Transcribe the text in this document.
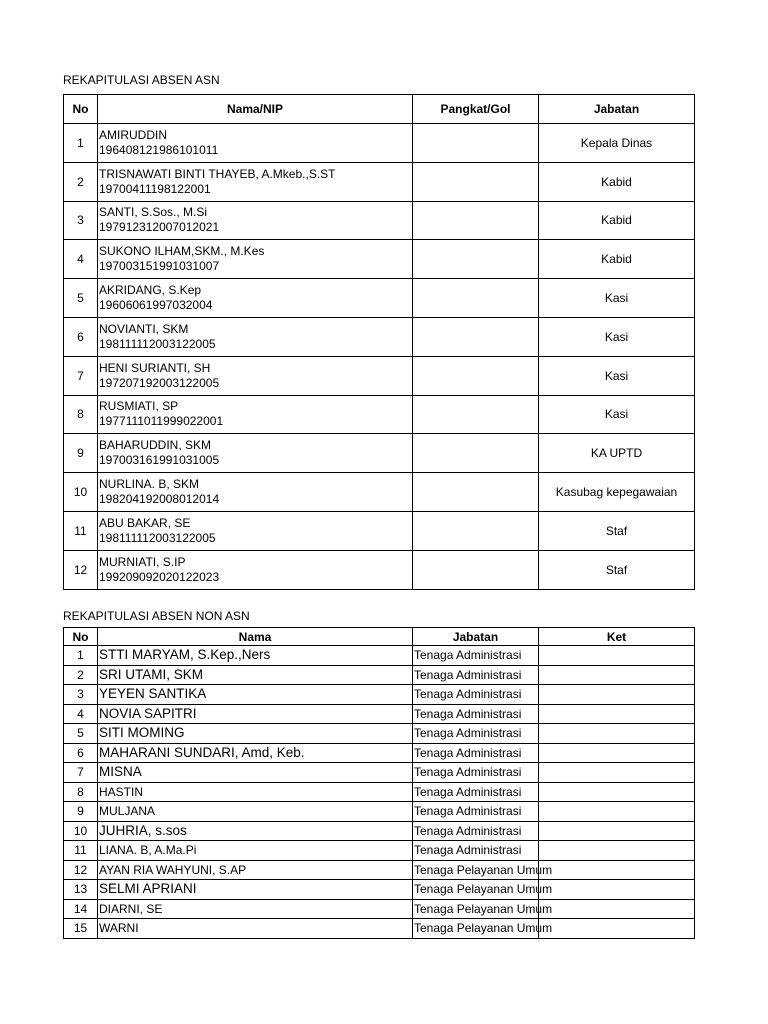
REKAPITULASI ABSEN ASN
No	Nama/NIP	Pangkat/Gol	Jabatan
1	AMIRUDDIN
196408121986101011		Kepala Dinas
2	TRISNAWATI BINTI THAYEB, A.Mkeb.,S.ST
19700411198122001		Kabid
3	SANTI, S.Sos., M.Si
197912312007012021		Kabid
4	SUKONO ILHAM,SKM., M.Kes
197003151991031007		Kabid
5	AKRIDANG, S.Kep
19606061997032004		Kasi
6	NOVIANTI, SKM
198111112003122005		Kasi
7	HENI SURIANTI, SH
197207192003122005		Kasi
8	RUSMIATI, SP
197711101199902200​1		Kasi
9	BAHARUDDIN, SKM
197003161991031005		KA UPTD
10	NURLINA. B, SKM
198204192008012014		Kasubag kepegawaian
11	ABU BAKAR, SE
198111112003122005		Staf
12	MURNIATI, S.IP
199209092020122023		Staf
REKAPITULASI ABSEN NON ASN
No	Nama	Jabatan	Ket
1	STTI MARYAM, S.Kep.,Ners	Tenaga Administrasi	
2	SRI UTAMI, SKM	Tenaga Administrasi	
3	YEYEN SANTIKA	Tenaga Administrasi	
4	NOVIA SAPITRI	Tenaga Administrasi	
5	SITI MOMING	Tenaga Administrasi	
6	MAHARANI SUNDARI, Amd, Keb.	Tenaga Administrasi	
7	MISNA	Tenaga Administrasi	
8	HASTIN	Tenaga Administrasi	
9	MULJANA	Tenaga Administrasi	
10	JUHRIA, s.sos	Tenaga Administrasi	
11	LIANA. B, A.Ma.Pi	Tenaga Administrasi	
12	AYAN RIA WAHYUNI, S.AP	Tenaga Pelayanan Umum	
13	SELMI APRIANI	Tenaga Pelayanan Umum	
14	DIARNI, SE	Tenaga Pelayanan Umum	
15	WARNI	Tenaga Pelayanan Umum	
